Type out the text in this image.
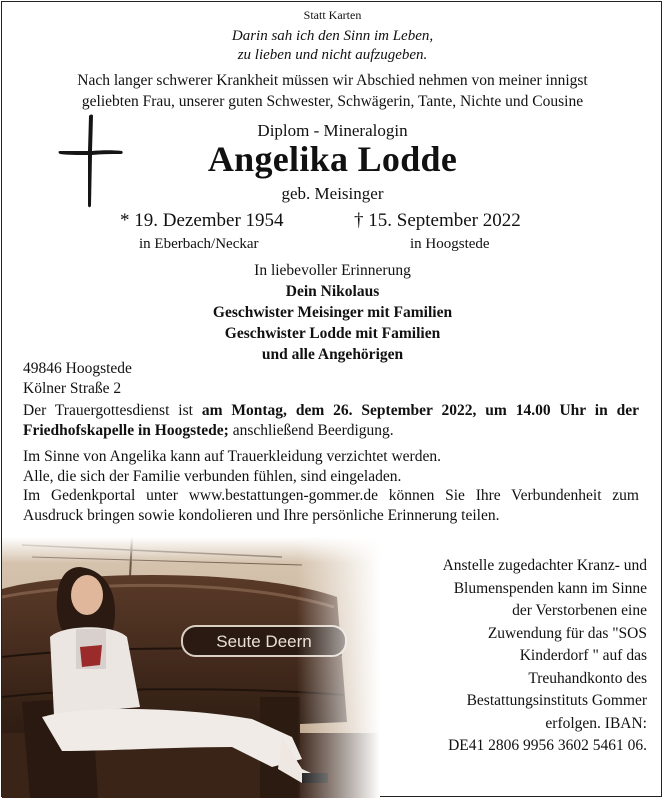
Statt Karten
Darin sah ich den Sinn im Leben,
zu lieben und nicht aufzugeben.
Nach langer schwerer Krankheit müssen wir Abschied nehmen von meiner innigst
geliebten Frau, unserer guten Schwester, Schwägerin, Tante, Nichte und Cousine
Diplom - Mineralogin
Angelika Lodde
geb. Meisinger
* 19. Dezember 1954
in Eberbach/Neckar
† 15. September 2022
in Hoogstede
In liebevoller Erinnerung
Dein Nikolaus
Geschwister Meisinger mit Familien
Geschwister Lodde mit Familien
und alle Angehörigen
49846 Hoogstede
Kölner Straße 2
Der Trauergottesdienst ist am Montag, dem 26. September 2022, um 14.00 Uhr in der Friedhofskapelle in Hoogstede; anschließend Beerdigung.
Im Sinne von Angelika kann auf Trauerkleidung verzichtet werden.
Alle, die sich der Familie verbunden fühlen, sind eingeladen.
Im Gedenkportal unter www.bestattungen-gommer.de können Sie Ihre Verbundenheit zum Ausdruck bringen sowie kondolieren und Ihre persönliche Erinnerung teilen.
Anstelle zugedachter Kranz- und
Blumenspenden kann im Sinne
der Verstorbenen eine
Zuwendung für das "SOS
Kinderdorf " auf das
Treuhandkonto des
Bestattungsinstituts Gommer
erfolgen. IBAN:
DE41 2806 9956 3602 5461 06.
